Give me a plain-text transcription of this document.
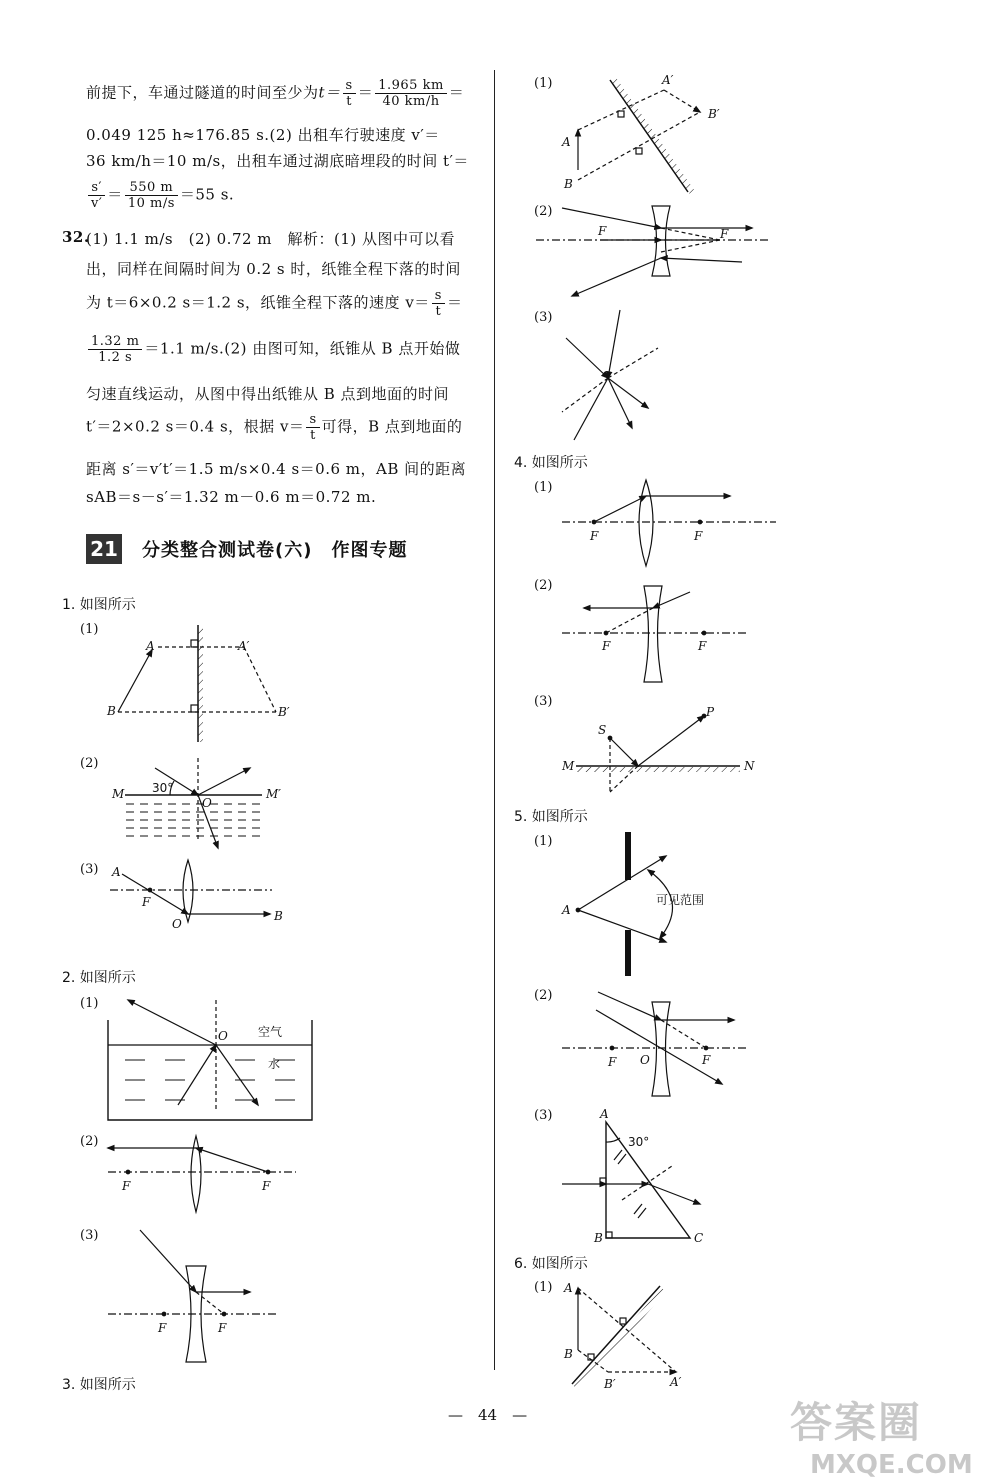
前提下，车通过隧道的时间至少为$t= \frac{s}{t} = \frac{1.965 km}{40 km/h}$ ＝
0.049 125 h≈176.85 s.(2) 出租车行驶速度 v′＝
36 km/h＝10 m/s，出租车通过湖底暗埋段的时间 t′＝
$\frac{s'}{v'} = \frac{550 m}{10 m/s} =55$ s.
32.
(1) 1.1 m/s　(2) 0.72 m　解析：(1) 从图中可以看
出，同样在间隔时间为 0.2 s 时，纸锥全程下落的时间
为 t＝6×0.2 s＝1.2 s，纸锥全程下落的速度 $v= \frac{s}{t}$ ＝
$\frac{1.32 m}{1.2 s} =1.1$ m/s.(2) 由图可知，纸锥从 B 点开始做
匀速直线运动，从图中得出纸锥从 B 点到地面的时间
t′＝2×0.2 s＝0.4 s，根据 $v= \frac{s}{t}$ 可得，B 点到地面的
距离 s′＝v′t′＝1.5 m/s×0.4 s＝0.6 m，AB 间的距离
sAB＝s－s′＝1.32 m－0.6 m＝0.72 m.
21 分类整合测试卷(六)　作图专题
1. 如图所示
2. 如图所示
3. 如图所示
4. 如图所示
5. 如图所示
6. 如图所示
(1)
(2)
(3)
(1)
(2)
(3)
(1)
(2)
(3)
(1)
(2)
(3)
(1)
(2)
(3)
(1)
A
B
A′
B′
30°
M	M′
O
A
F
O
B
O	空气
水
F	F
F	F
A
B
A′
B′
F	F
F	F
F	F
S
P
M	N
A
可见范围
F O	F
A
30°
B	C
A
B
B′	A′
—　44　—	答案圈
MXQE.COM
